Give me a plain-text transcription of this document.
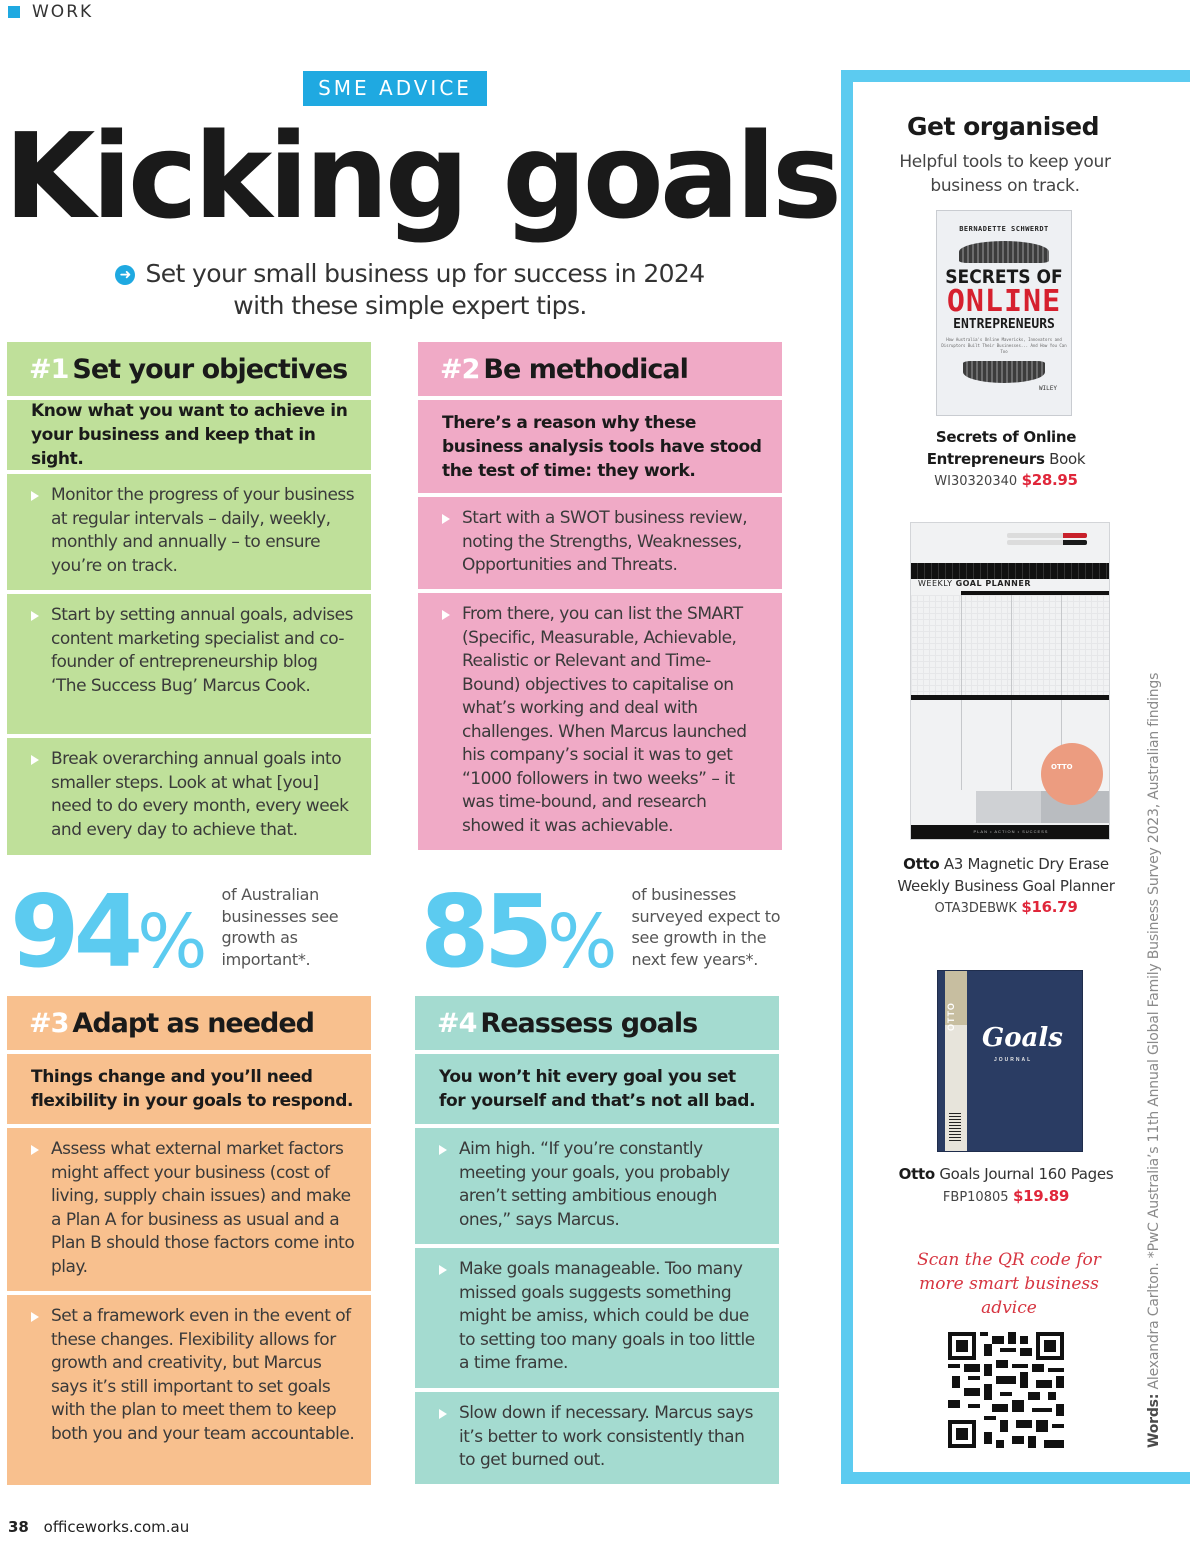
WORK
SME ADVICE
Kicking goals

➜ Set your small business up for success in 2024 with these simple expert tips.

#1 Set your objectives
Know what you want to achieve in your business and keep that in sight.
Monitor the progress of your business at regular intervals – daily, weekly, monthly and annually – to ensure you’re on track.
Start by setting annual goals, advises content marketing specialist and co-founder of entrepreneurship blog ‘The Success Bug’ Marcus Cook.
Break overarching annual goals into smaller steps. Look at what [you] need to do every month, every week and every day to achieve that.
#2 Be methodical
There’s a reason why these business analysis tools have stood the test of time: they work.
Start with a SWOT business review, noting the Strengths, Weaknesses, Opportunities and Threats.
From there, you can list the SMART (Specific, Measurable, Achievable, Realistic or Relevant and Time-Bound) objectives to capitalise on what’s working and deal with challenges. When Marcus launched his company’s social it was to get “1000 followers in two weeks” – it was time-bound, and research showed it was achievable.
94 %
of Australian businesses see growth as important*.	85 %
of businesses surveyed expect to see growth in the next few years*.
#3 Adapt as needed
Things change and you’ll need flexibility in your goals to respond.
Assess what external market factors might affect your business (cost of living, supply chain issues) and make a Plan A for business as usual and a Plan B should those factors come into play.
Set a framework even in the event of these changes. Flexibility allows for growth and creativity, but Marcus says it’s still important to set goals with the plan to meet them to keep both you and your team accountable.
#4 Reassess goals
You won’t hit every goal you set for yourself and that’s not all bad.
Aim high. “If you’re constantly meeting your goals, you probably aren’t setting ambitious enough ones,” says Marcus.
Make goals manageable. Too many missed goals suggests something might be amiss, which could be due to setting too many goals in too little a time frame.
Slow down if necessary. Marcus says it’s better to work consistently than to get burned out.
Get organised
Helpful tools to keep your business on track.
BERNADETTE SCHWERDT
SECRETS OF
ONLINE
ENTREPRENEURS
How Australia's Online Mavericks, Innovators and Disruptors Built Their Businesses... And How You Can Too
WILEY
Secrets of Online Entrepreneurs Book
WI30320340 $28.95
WEEKLY GOAL PLANNER
OTTO
PLAN • ACTION • SUCCESS
Otto A3 Magnetic Dry Erase Weekly Business Goal Planner
OTA3DEBWK $16.79
OTTO
Goals
JOURNAL
Otto Goals Journal 160 Pages
FBP10805 $19.89
Scan the QR code for more smart business advice
Words: Alexandra Carlton. *PwC Australia’s 11th Annual Global Family Business Survey 2023, Australian findings
38 officeworks.com.au
